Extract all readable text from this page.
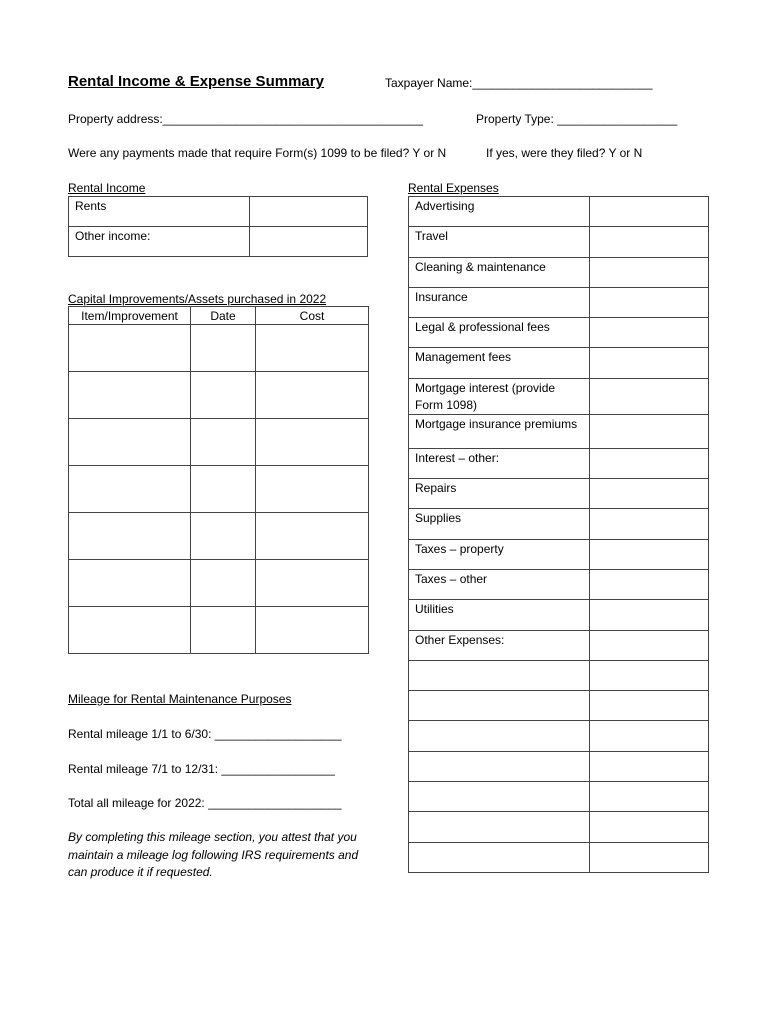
Rental Income & Expense Summary	Taxpayer Name:___________________________
Property address:_______________________________________	Property Type: __________________
Were any payments made that require Form(s) 1099 to be filed? Y or N	If yes, were they filed? Y or N
Rental Income
Rents	
Other income:	
Capital Improvements/Assets purchased in 2022
Item/Improvement	Date	Cost

Rental Expenses
Advertising	
Travel	
Cleaning & maintenance	
Insurance	
Legal & professional fees	
Management fees	
Mortgage interest (provide Form 1098)	
Mortgage insurance premiums	
Interest – other:	
Repairs	
Supplies	
Taxes – property	
Taxes – other	
Utilities	
Other Expenses:	

Mileage for Rental Maintenance Purposes
Rental mileage 1/1 to 6/30: ___________________
Rental mileage 7/1 to 12/31: _________________
Total all mileage for 2022: ____________________
By completing this mileage section, you attest that you maintain a mileage log following IRS requirements and can produce it if requested.
